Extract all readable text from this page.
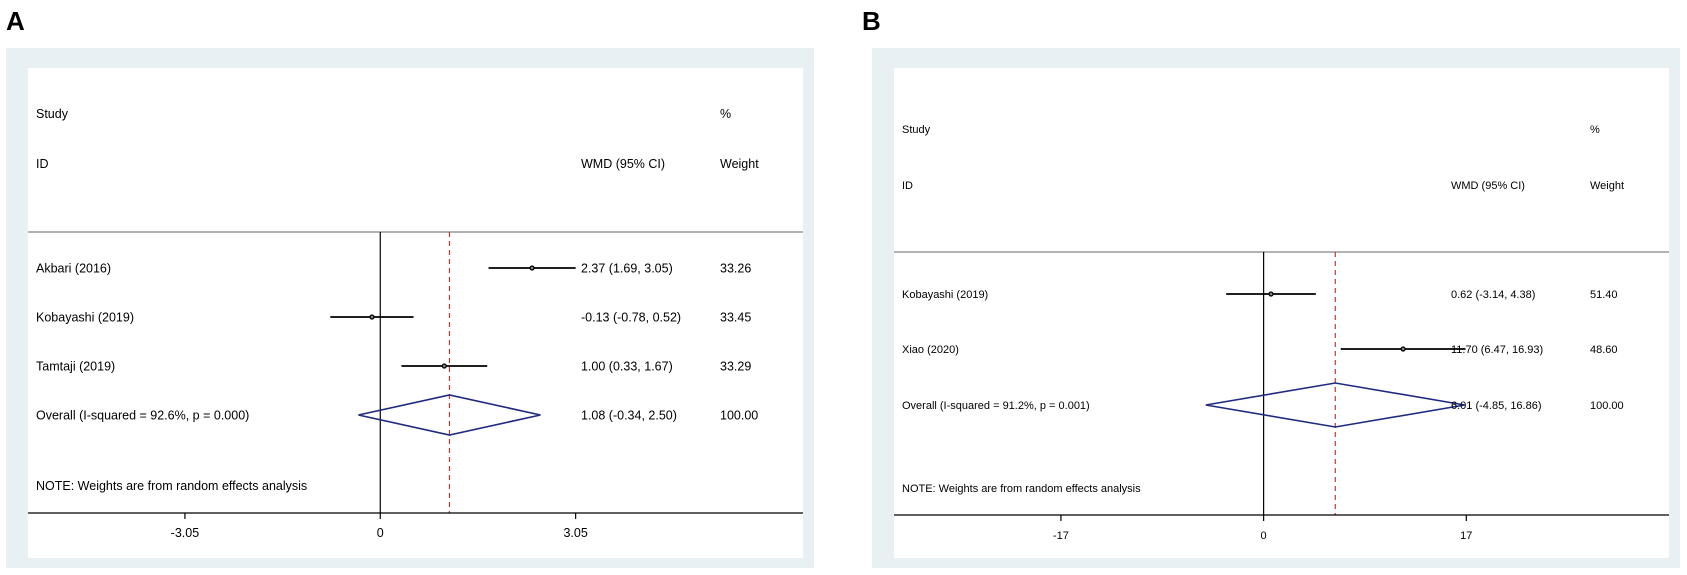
A	B
Study	%
ID	WMD (95% CI)	Weight
Akbari (2016)	2.37 (1.69, 3.05)	33.26
Kobayashi (2019)	-0.13 (-0.78, 0.52)	33.45
Tamtaji (2019)	1.00 (0.33, 1.67)	33.29
Overall (I-squared = 92.6%, p = 0.000)	1.08 (-0.34, 2.50)	100.00
NOTE: Weights are from random effects analysis
-3.05	0	3.05
Study	%
ID	WMD (95% CI)	Weight
Kobayashi (2019)	0.62 (-3.14, 4.38)	51.40
Xiao (2020)	11.70 (6.47, 16.93)	48.60
Overall (I-squared = 91.2%, p = 0.001)	6.01 (-4.85, 16.86)	100.00
NOTE: Weights are from random effects analysis
-17	0	17
